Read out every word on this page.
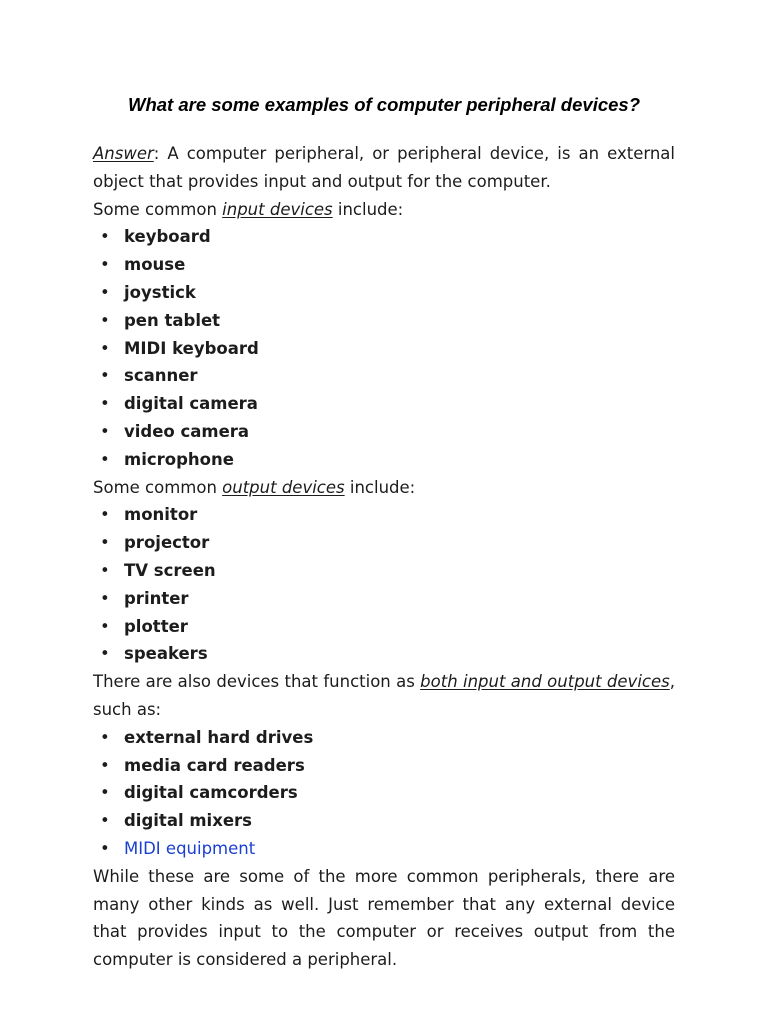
What are some examples of computer peripheral devices?

Answer: A computer peripheral, or peripheral device, is an external object that provides input and output for the computer.

Some common input devices include:

• keyboard
• mouse
• joystick
• pen tablet
• MIDI keyboard
• scanner
• digital camera
• video camera
• microphone

Some common output devices include:

• monitor
• projector
• TV screen
• printer
• plotter
• speakers

There are also devices that function as both input and output devices, such as:

• external hard drives
• media card readers
• digital camcorders
• digital mixers
• MIDI equipment

While these are some of the more common peripherals, there are many other kinds as well. Just remember that any external device that provides input to the computer or receives output from the computer is considered a peripheral.
